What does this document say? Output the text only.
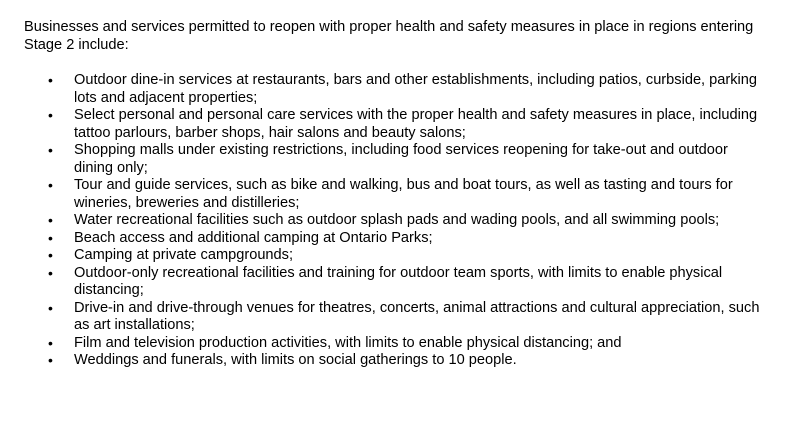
Businesses and services permitted to reopen with proper health and safety measures in place in regions entering Stage 2 include:

• Outdoor dine-in services at restaurants, bars and other establishments, including patios, curbside, parking lots and adjacent properties;
• Select personal and personal care services with the proper health and safety measures in place, including tattoo parlours, barber shops, hair salons and beauty salons;
• Shopping malls under existing restrictions, including food services reopening for take-out and outdoor dining only;
• Tour and guide services, such as bike and walking, bus and boat tours, as well as tasting and tours for wineries, breweries and distilleries;
• Water recreational facilities such as outdoor splash pads and wading pools, and all swimming pools;
• Beach access and additional camping at Ontario Parks;
• Camping at private campgrounds;
• Outdoor-only recreational facilities and training for outdoor team sports, with limits to enable physical distancing;
• Drive-in and drive-through venues for theatres, concerts, animal attractions and cultural appreciation, such as art installations;
• Film and television production activities, with limits to enable physical distancing; and
• Weddings and funerals, with limits on social gatherings to 10 people.
